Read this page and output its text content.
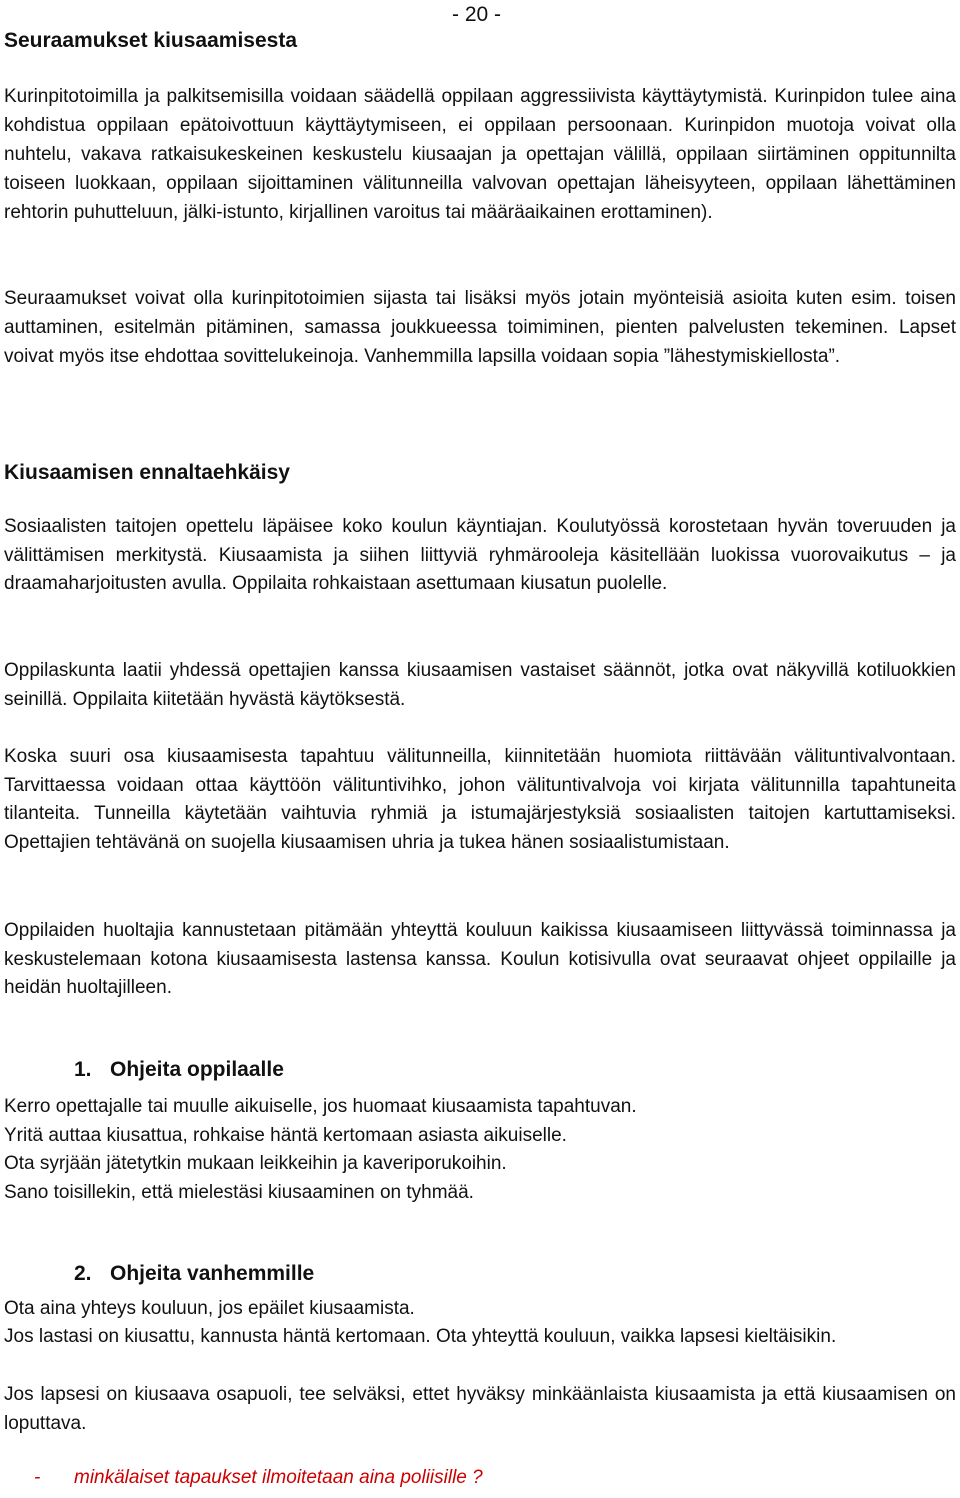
- 20 -
Seuraamukset kiusaamisesta
Kurinpitotoimilla ja palkitsemisilla voidaan säädellä oppilaan aggressiivista käyttäytymistä. Kurinpidon tulee aina kohdistua oppilaan epätoivottuun käyttäytymiseen, ei oppilaan persoonaan. Kurinpidon muotoja voivat olla nuhtelu, vakava ratkaisukeskeinen keskustelu kiusaajan ja opettajan välillä, oppilaan siirtäminen oppitunnilta toiseen luokkaan, oppilaan sijoittaminen välitunneilla valvovan opettajan läheisyyteen, oppilaan lähettäminen rehtorin puhutteluun, jälki-istunto, kirjallinen varoitus tai määräaikainen erottaminen).
Seuraamukset voivat olla kurinpitotoimien sijasta tai lisäksi myös jotain myönteisiä asioita kuten esim. toisen auttaminen, esitelmän pitäminen, samassa joukkueessa toimiminen, pienten palvelusten tekeminen. Lapset voivat myös itse ehdottaa sovittelukeinoja. Vanhemmilla lapsilla voidaan sopia ”lähestymiskiellosta”.
Kiusaamisen ennaltaehkäisy
Sosiaalisten taitojen opettelu läpäisee koko koulun käyntiajan. Koulutyössä korostetaan hyvän toveruuden ja välittämisen merkitystä. Kiusaamista ja siihen liittyviä ryhmärooleja käsitellään luokissa vuorovaikutus – ja draamaharjoitusten avulla. Oppilaita rohkaistaan asettumaan kiusatun puolelle.
Oppilaskunta laatii yhdessä opettajien kanssa kiusaamisen vastaiset säännöt, jotka ovat näkyvillä kotiluokkien seinillä. Oppilaita kiitetään hyvästä käytöksestä.
Koska suuri osa kiusaamisesta tapahtuu välitunneilla, kiinnitetään huomiota riittävään välituntivalvontaan. Tarvittaessa voidaan ottaa käyttöön välituntivihko, johon välituntivalvoja voi kirjata välitunnilla tapahtuneita tilanteita. Tunneilla käytetään vaihtuvia ryhmiä ja istumajärjestyksiä sosiaalisten taitojen kartuttamiseksi. Opettajien tehtävänä on suojella kiusaamisen uhria ja tukea hänen sosiaalistumistaan.
Oppilaiden huoltajia kannustetaan pitämään yhteyttä kouluun kaikissa kiusaamiseen liittyvässä toiminnassa ja keskustelemaan kotona kiusaamisesta lastensa kanssa. Koulun kotisivulla ovat seuraavat ohjeet oppilaille ja heidän huoltajilleen.
1. Ohjeita oppilaalle
Kerro opettajalle tai muulle aikuiselle, jos huomaat kiusaamista tapahtuvan.
Yritä auttaa kiusattua, rohkaise häntä kertomaan asiasta aikuiselle.
Ota syrjään jätetytkin mukaan leikkeihin ja kaveriporukoihin.
Sano toisillekin, että mielestäsi kiusaaminen on tyhmää.
2. Ohjeita vanhemmille
Ota aina yhteys kouluun, jos epäilet kiusaamista.
Jos lastasi on kiusattu, kannusta häntä kertomaan. Ota yhteyttä kouluun, vaikka lapsesi kieltäisikin.
Jos lapsesi on kiusaava osapuoli, tee selväksi, ettet hyväksy minkäänlaista kiusaamista ja että kiusaamisen on loputtava.
- minkälaiset tapaukset ilmoitetaan aina poliisille ?
